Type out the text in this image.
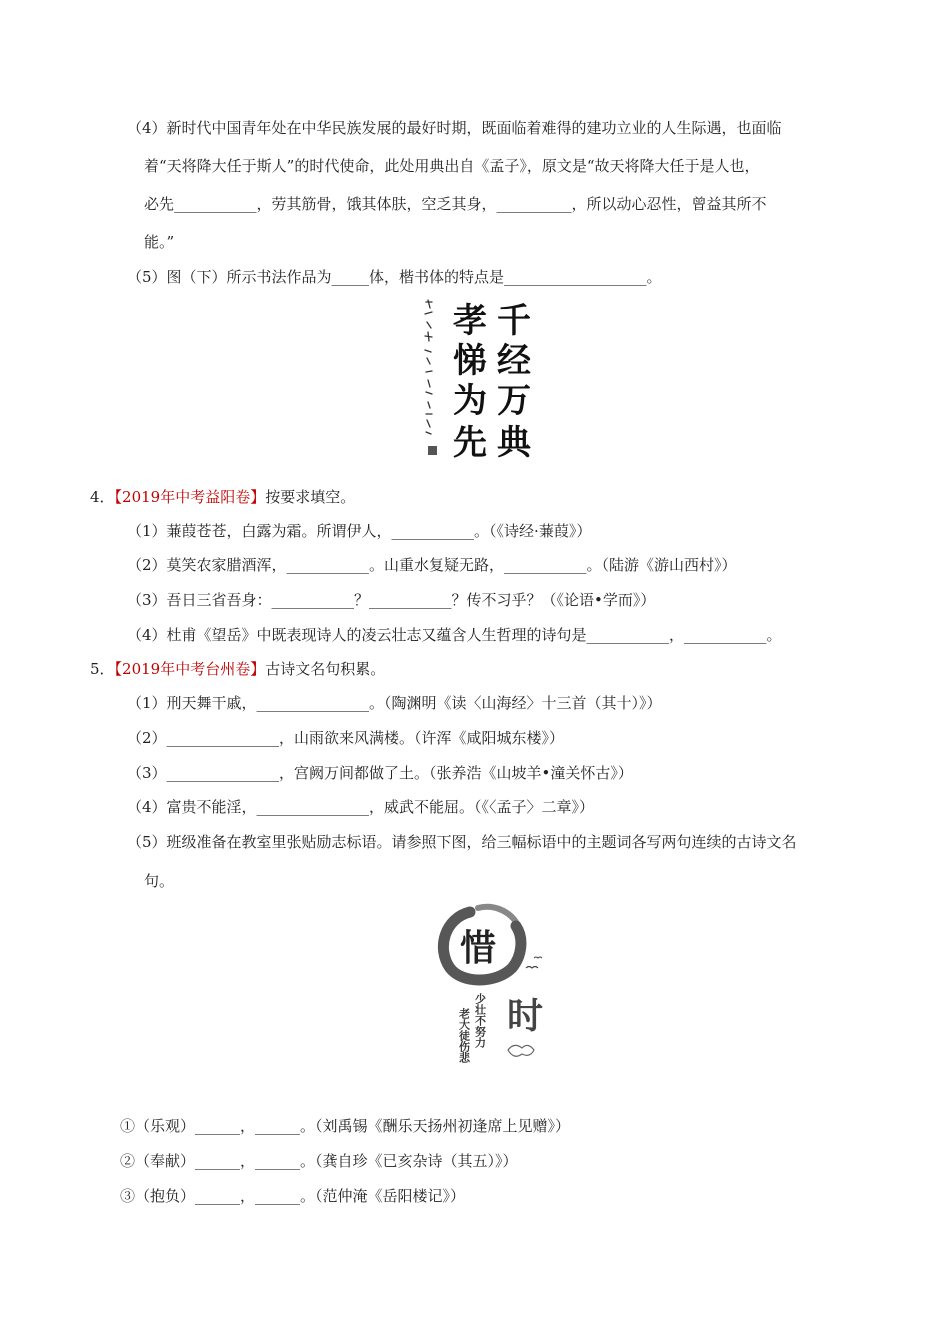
（4）新时代中国青年处在中华民族发展的最好时期，既面临着难得的建功立业的人生际遇，也面临
着“天将降大任于斯人”的时代使命，此处用典出自《孟子》，原文是“故天将降大任于是人也，
必先___________，劳其筋骨，饿其体肤，空乏其身，__________，所以动心忍性，曾益其所不
能。”
（5）图（下）所示书法作品为_____体，楷书体的特点是___________________。
千
经
万
典
孝
悌
为
先
4．【2019年中考益阳卷】按要求填空。
（1）蒹葭苍苍，白露为霜。所谓伊人，___________。（《诗经·蒹葭》）
（2）莫笑农家腊酒浑，___________。山重水复疑无路，___________。（陆游《游山西村》）
（3）吾日三省吾身：___________？___________？传不习乎？（《论语•学而》）
（4）杜甫《望岳》中既表现诗人的凌云壮志又蕴含人生哲理的诗句是___________，___________。
5．【2019年中考台州卷】古诗文名句积累。
（1）刑天舞干戚，_______________。（陶渊明《读〈山海经〉十三首（其十）》）
（2）_______________，山雨欲来风满楼。（许浑《咸阳城东楼》）
（3）_______________，宫阙万间都做了土。（张养浩《山坡羊•潼关怀古》）
（4）富贵不能淫，_______________，威武不能屈。（《〈孟子〉二章》）
（5）班级准备在教室里张贴励志标语。请参照下图，给三幅标语中的主题词各写两句连续的古诗文名
句。
惜
少壮不努力
老大徒伤悲 时
①（乐观）______，______。（刘禹锡《酬乐天扬州初逢席上见赠》）
②（奉献）______，______。（龚自珍《已亥杂诗（其五）》）
③（抱负）______，______。（范仲淹《岳阳楼记》）
